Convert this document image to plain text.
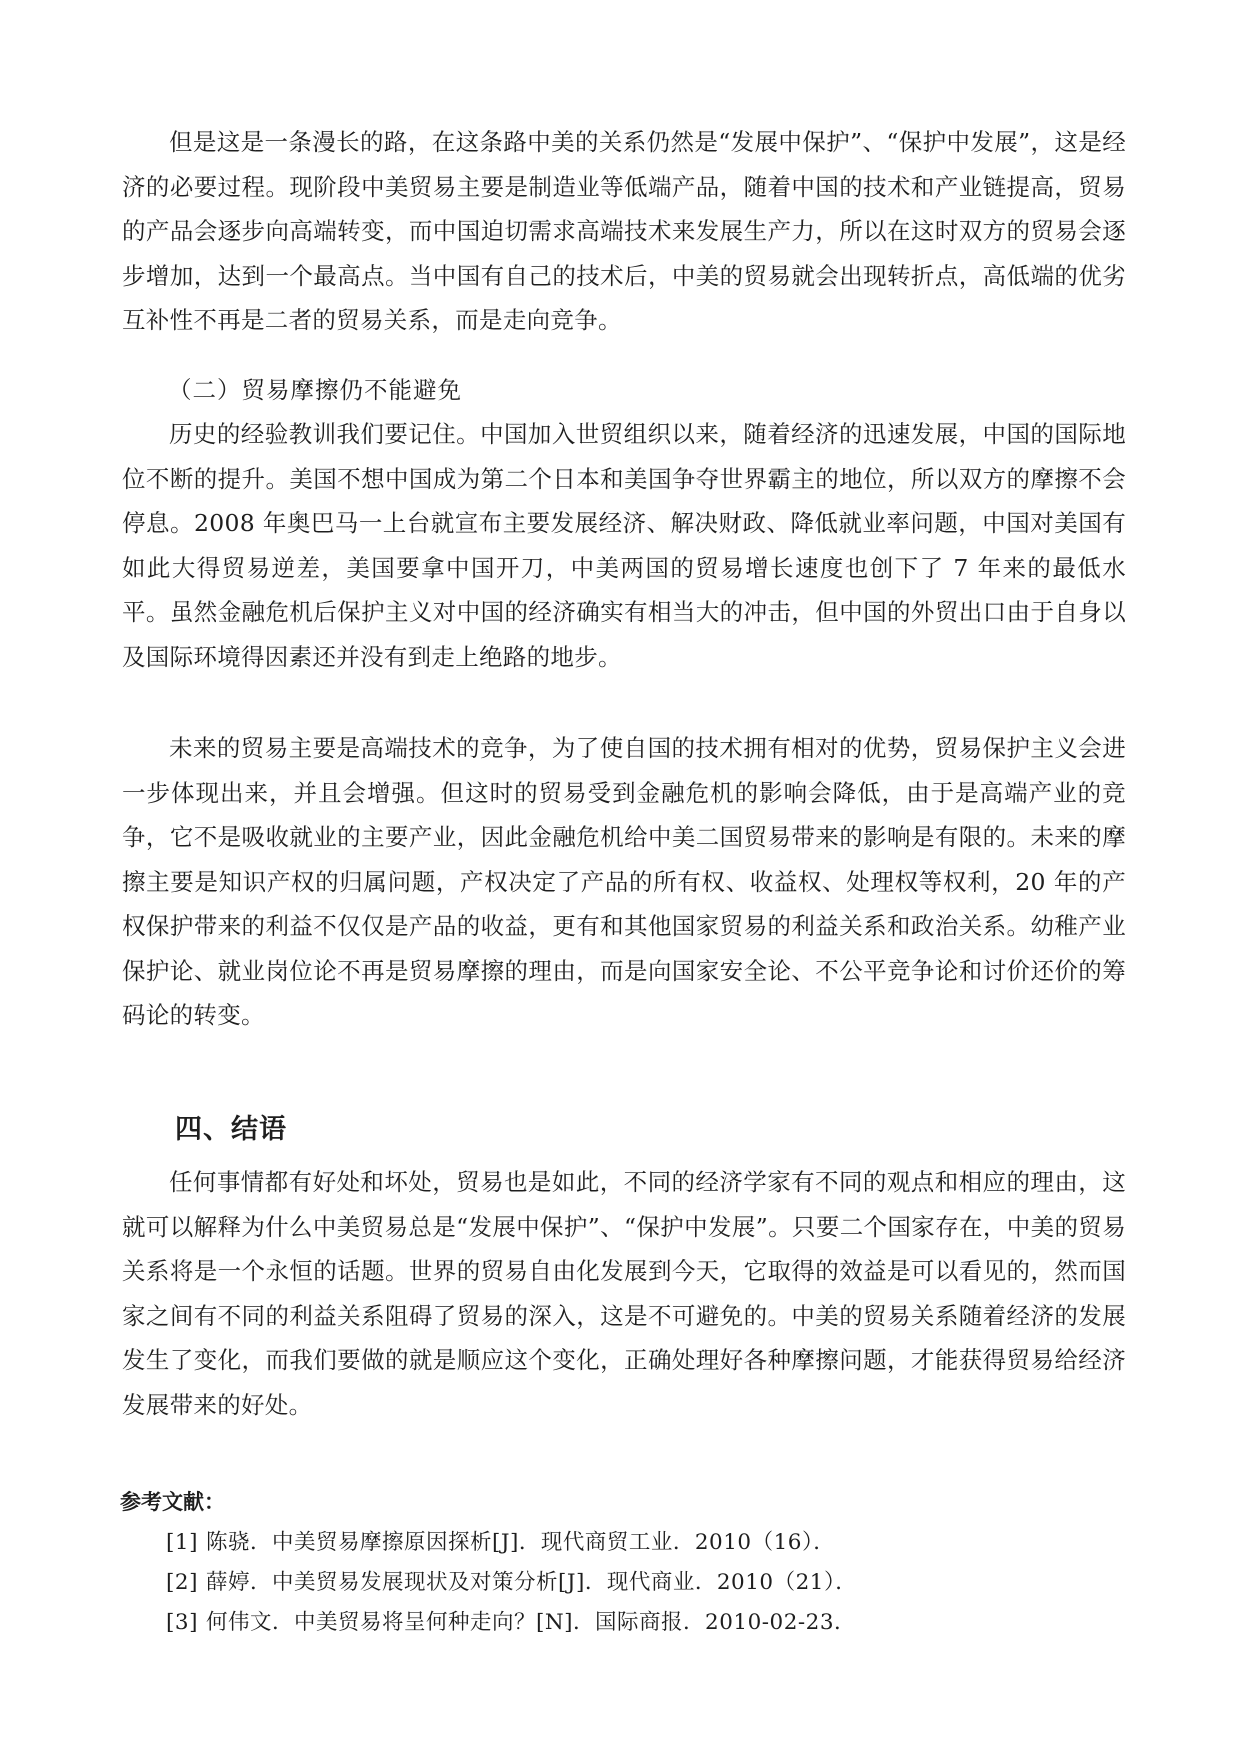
但是这是一条漫长的路，在这条路中美的关系仍然是“发展中保护”、“保护中发展”，这是经济的必要过程。现阶段中美贸易主要是制造业等低端产品，随着中国的技术和产业链提高，贸易的产品会逐步向高端转变，而中国迫切需求高端技术来发展生产力，所以在这时双方的贸易会逐步增加，达到一个最高点。当中国有自己的技术后，中美的贸易就会出现转折点，高低端的优劣互补性不再是二者的贸易关系，而是走向竞争。

（二）贸易摩擦仍不能避免

历史的经验教训我们要记住。中国加入世贸组织以来，随着经济的迅速发展，中国的国际地位不断的提升。美国不想中国成为第二个日本和美国争夺世界霸主的地位，所以双方的摩擦不会停息。2008 年奥巴马一上台就宣布主要发展经济、解决财政、降低就业率问题，中国对美国有如此大得贸易逆差，美国要拿中国开刀，中美两国的贸易增长速度也创下了 7 年来的最低水平。虽然金融危机后保护主义对中国的经济确实有相当大的冲击，但中国的外贸出口由于自身以及国际环境得因素还并没有到走上绝路的地步。

未来的贸易主要是高端技术的竞争，为了使自国的技术拥有相对的优势，贸易保护主义会进一步体现出来，并且会增强。但这时的贸易受到金融危机的影响会降低，由于是高端产业的竞争，它不是吸收就业的主要产业，因此金融危机给中美二国贸易带来的影响是有限的。未来的摩擦主要是知识产权的归属问题，产权决定了产品的所有权、收益权、处理权等权利，20 年的产权保护带来的利益不仅仅是产品的收益，更有和其他国家贸易的利益关系和政治关系。幼稚产业保护论、就业岗位论不再是贸易摩擦的理由，而是向国家安全论、不公平竞争论和讨价还价的筹码论的转变。

四、结语

任何事情都有好处和坏处，贸易也是如此，不同的经济学家有不同的观点和相应的理由，这就可以解释为什么中美贸易总是“发展中保护”、“保护中发展”。只要二个国家存在，中美的贸易关系将是一个永恒的话题。世界的贸易自由化发展到今天，它取得的效益是可以看见的，然而国家之间有不同的利益关系阻碍了贸易的深入，这是不可避免的。中美的贸易关系随着经济的发展发生了变化，而我们要做的就是顺应这个变化，正确处理好各种摩擦问题，才能获得贸易给经济发展带来的好处。

参考文献：
[1] 陈骁．中美贸易摩擦原因探析[J]．现代商贸工业．2010（16）．
[2] 薛婷．中美贸易发展现状及对策分析[J]．现代商业．2010（21）．
[3] 何伟文．中美贸易将呈何种走向？[N]．国际商报．2010-02-23．
